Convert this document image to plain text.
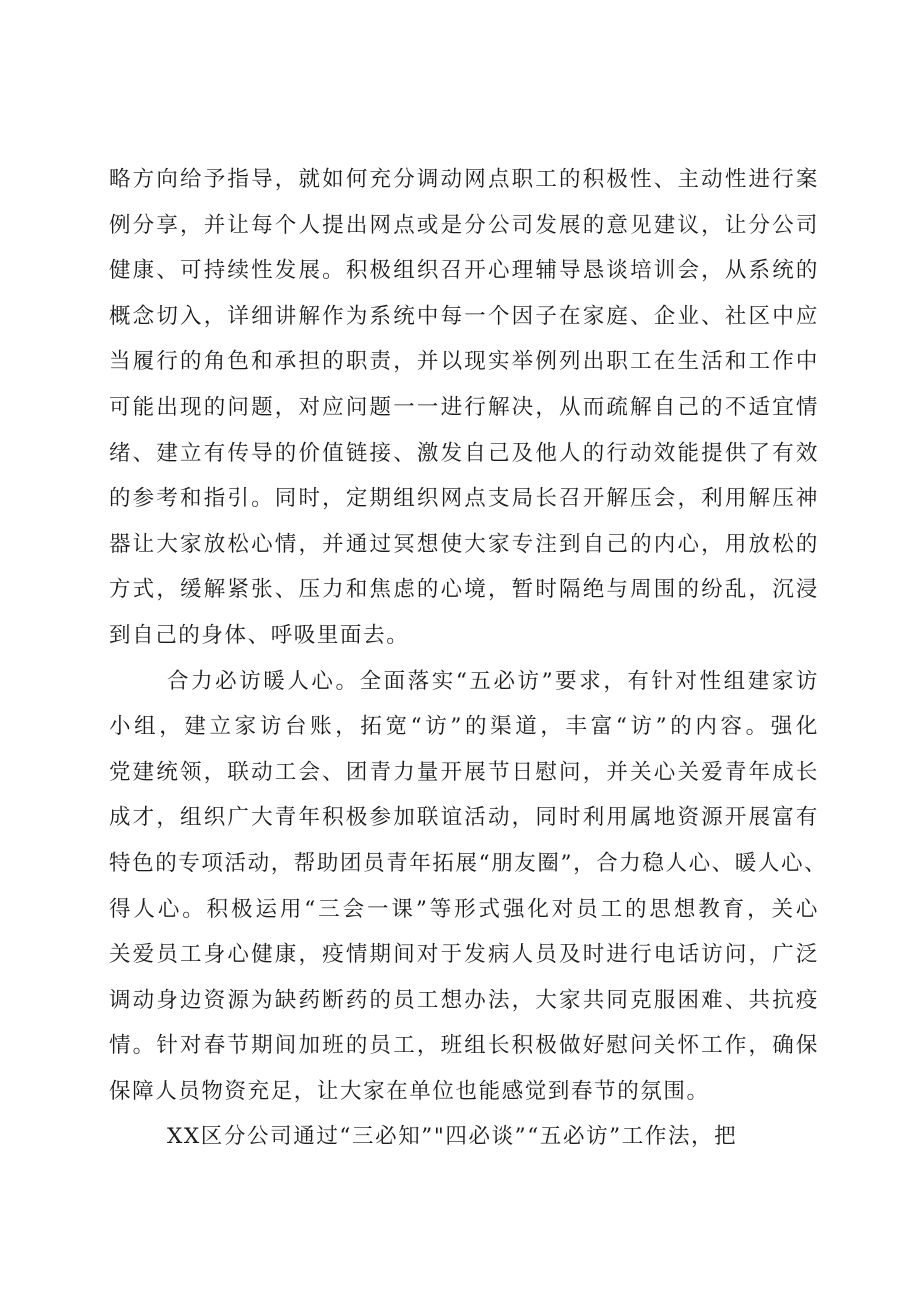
略方向给予指导，就如何充分调动网点职工的积极性、主动性进行案
例分享，并让每个人提出网点或是分公司发展的意见建议，让分公司
健康、可持续性发展。积极组织召开心理辅导恳谈培训会，从系统的
概念切入，详细讲解作为系统中每一个因子在家庭、企业、社区中应
当履行的角色和承担的职责，并以现实举例列出职工在生活和工作中
可能出现的问题，对应问题一一进行解决，从而疏解自己的不适宜情
绪、建立有传导的价值链接、激发自己及他人的行动效能提供了有效
的参考和指引。同时，定期组织网点支局长召开解压会，利用解压神
器让大家放松心情，并通过冥想使大家专注到自己的内心，用放松的
方式，缓解紧张、压力和焦虑的心境，暂时隔绝与周围的纷乱，沉浸
到自己的身体、呼吸里面去。
合力必访暖人心。全面落实“五必访”要求，有针对性组建家访
小组，建立家访台账，拓宽“访”的渠道，丰富“访”的内容。强化
党建统领，联动工会、团青力量开展节日慰问，并关心关爱青年成长
成才，组织广大青年积极参加联谊活动，同时利用属地资源开展富有
特色的专项活动，帮助团员青年拓展“朋友圈”，合力稳人心、暖人心、
得人心。积极运用“三会一课”等形式强化对员工的思想教育，关心
关爱员工身心健康，疫情期间对于发病人员及时进行电话访问，广泛
调动身边资源为缺药断药的员工想办法，大家共同克服困难、共抗疫
情。针对春节期间加班的员工，班组长积极做好慰问关怀工作，确保
保障人员物资充足，让大家在单位也能感觉到春节的氛围。
XX区分公司通过“三必知”"四必谈”“五必访”工作法，把
